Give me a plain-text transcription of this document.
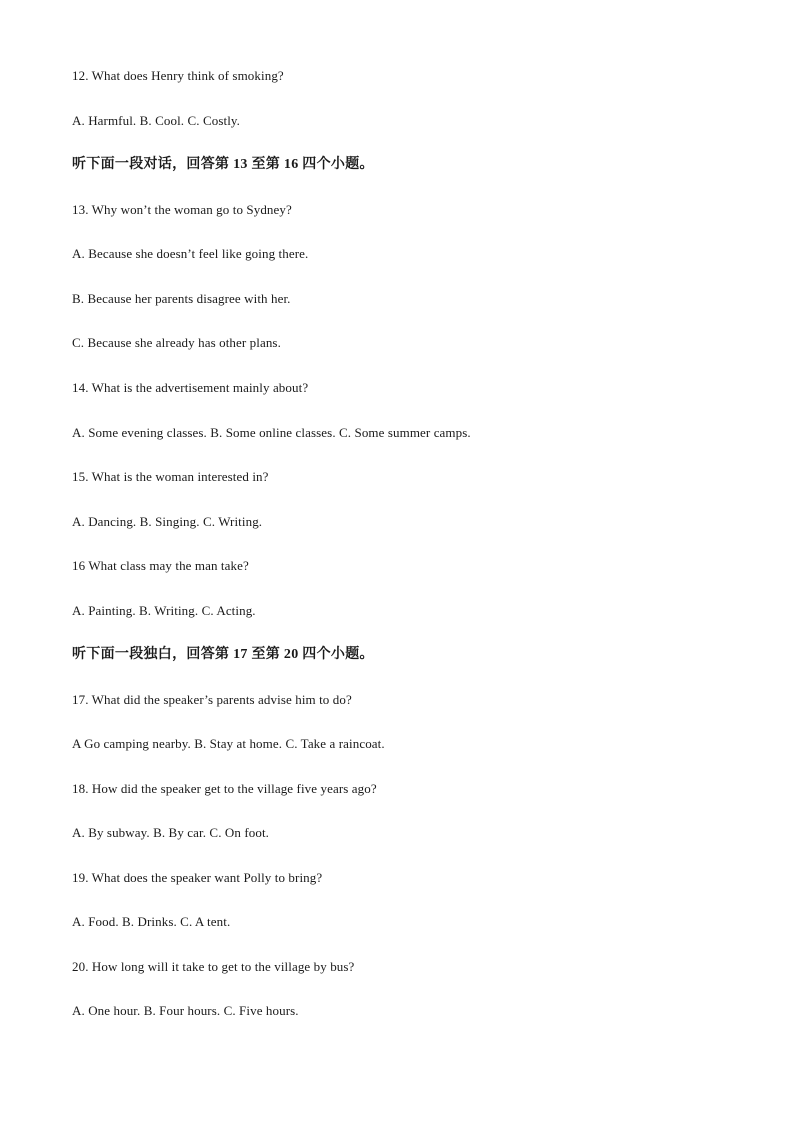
12. What does Henry think of smoking?
A. Harmful. B. Cool. C. Costly.
听下面一段对话，回答第 13 至第 16 四个小题。
13. Why won’t the woman go to Sydney?
A. Because she doesn’t feel like going there.
B. Because her parents disagree with her.
C. Because she already has other plans.
14. What is the advertisement mainly about?
A. Some evening classes. B. Some online classes. C. Some summer camps.
15. What is the woman interested in?
A. Dancing. B. Singing. C. Writing.
16 What class may the man take?
A. Painting. B. Writing. C. Acting.
听下面一段独白，回答第 17 至第 20 四个小题。
17. What did the speaker’s parents advise him to do?
A Go camping nearby. B. Stay at home. C. Take a raincoat.
18. How did the speaker get to the village five years ago?
A. By subway. B. By car. C. On foot.
19. What does the speaker want Polly to bring?
A. Food. B. Drinks. C. A tent.
20. How long will it take to get to the village by bus?
A. One hour. B. Four hours. C. Five hours.
